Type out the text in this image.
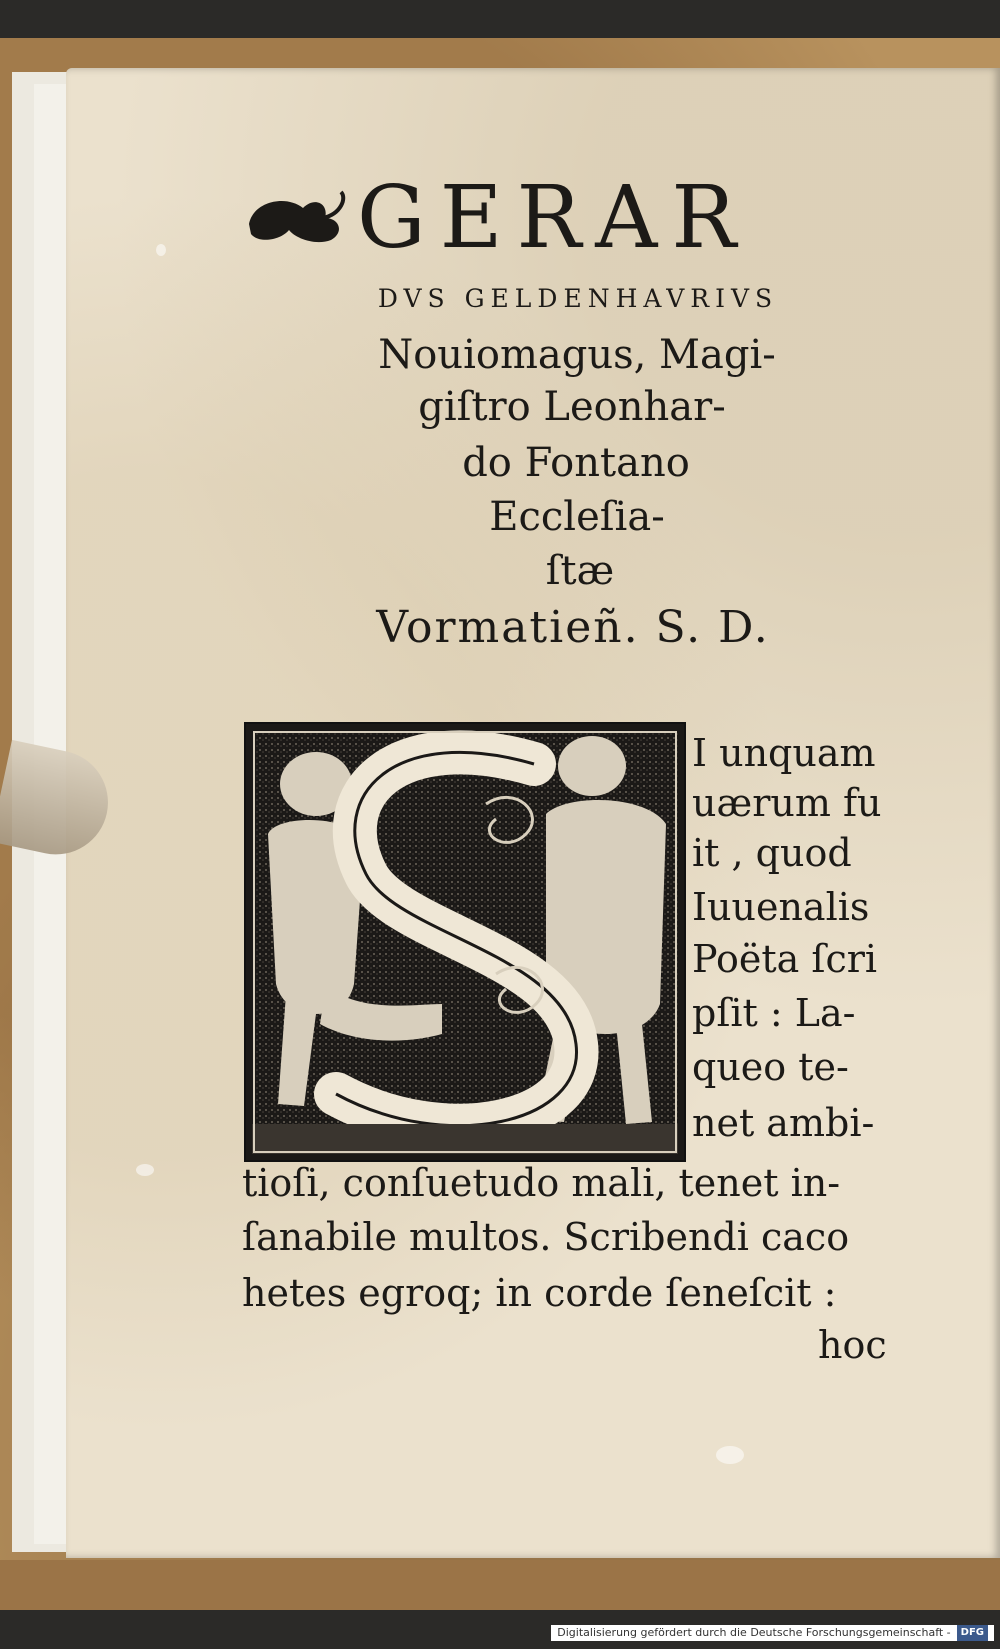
GERAR
DVS GELDENHAVRIVS
Nouiomagus, Magi-
giſtro Leonhar-
do Fontano
Eccleſia-
ſtæ
Vormatieñ. S. D.
I unquam
uærum fu
it , quod
Iuuenalis
Poëta ſcri
pſit : La-
queo te-
net ambi-
tioſi, conſuetudo mali, tenet in-
ſanabile multos. Scribendi caco
hetes egroq; in corde ſeneſcit :
hoc
Digitalisierung gefördert durch die Deutsche Forschungsgemeinschaft -	DFG
